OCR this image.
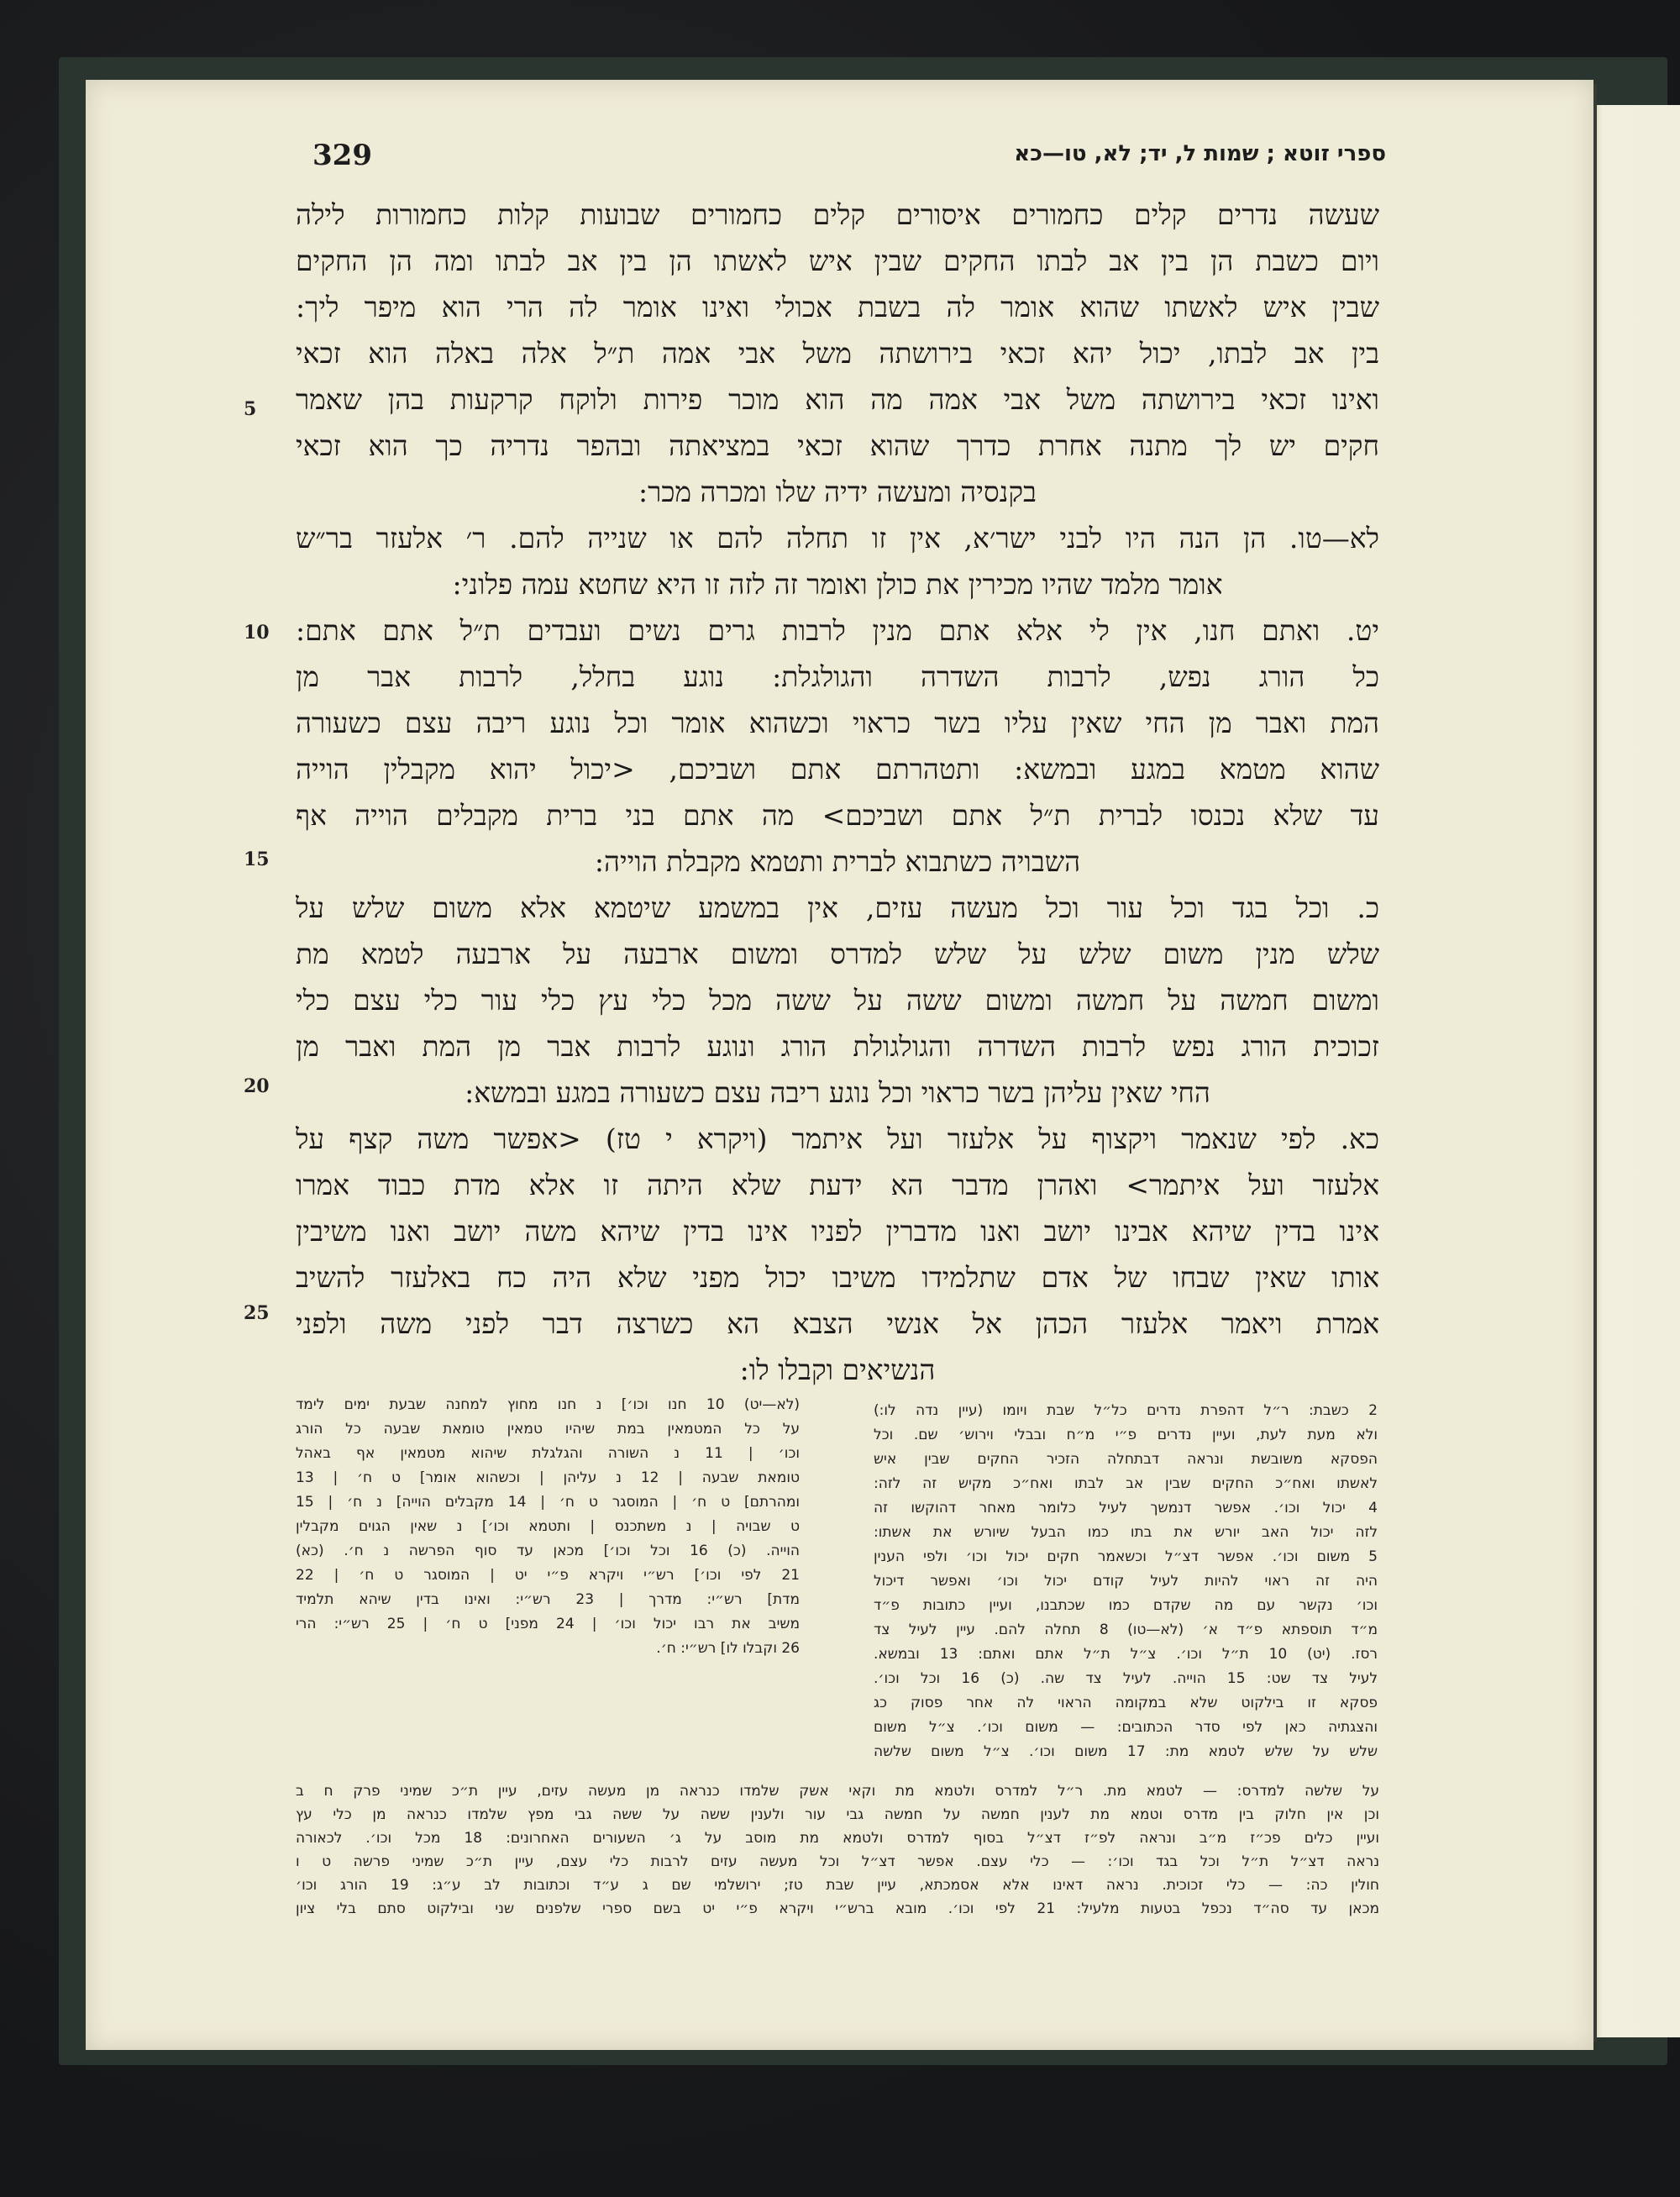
329	ספרי זוטא ; שמות ל, יד; לא, טו—כא
שעשה נדרים קלים כחמורים איסורים קלים כחמורים שבועות קלות כחמורות לילה
ויום כשבת הן בין אב לבתו החקים שבין איש לאשתו הן בין אב לבתו ומה הן החקים
שבין איש לאשתו שהוא אומר לה בשבת אכולי ואינו אומר לה הרי הוא מיפר ליך:
בין אב לבתו, יכול יהא זכאי בירושתה משל אבי אמה ת״ל אלה באלה הוא זכאי
ואינו זכאי בירושתה משל אבי אמה מה הוא מוכר פירות ולוקח קרקעות בהן שאמר
חקים יש לך מתנה אחרת כדרך שהוא זכאי במציאתה ובהפר נדריה כך הוא זכאי
בקנסיה ומעשה ידיה שלו ומכרה מכר:
לא—טו. הן הנה היו לבני ישר׳א, אין זו תחלה להם או שנייה להם. ר׳ אלעזר בר״ש
אומר מלמד שהיו מכירין את כולן ואומר זה לזה זו היא שחטא עמה פלוני:
יט. ואתם חנו, אין לי אלא אתם מנין לרבות גרים נשים ועבדים ת״ל אתם אתם:
כל הורג נפש, לרבות השדרה והגולגלת: נוגע בחלל, לרבות אבר מן
המת ואבר מן החי שאין עליו בשר כראוי וכשהוא אומר וכל נוגע ריבה עצם כשעורה
שהוא מטמא במגע ובמשא: ותטהרתם אתם ושביכם, <יכול יהוא מקבלין הוייה
עד שלא נכנסו לברית ת״ל אתם ושביכם> מה אתם בני ברית מקבלים הוייה אף
השבויה כשתבוא לברית ותטמא מקבלת הוייה:
כ. וכל בגד וכל עור וכל מעשה עזים, אין במשמע שיטמא אלא משום שלש על
שלש מנין משום שלש על שלש למדרס ומשום ארבעה על ארבעה לטמא מת
ומשום חמשה על חמשה ומשום ששה על ששה מכל כלי עץ כלי עור כלי עצם כלי
זכוכית הורג נפש לרבות השדרה והגולגולת הורג ונוגע לרבות אבר מן המת ואבר מן
החי שאין עליהן בשר כראוי וכל נוגע ריבה עצם כשעורה במגע ובמשא:
כא. לפי שנאמר ויקצוף על אלעזר ועל איתמר (ויקרא י טז) <אפשר משה קצף על
אלעזר ועל איתמר> ואהרן מדבר הא ידעת שלא היתה זו אלא מדת כבוד אמרו
אינו בדין שיהא אבינו יושב ואנו מדברין לפניו אינו בדין שיהא משה יושב ואנו משיבין
אותו שאין שבחו של אדם שתלמידו משיבו יכול מפני שלא היה כח באלעזר להשיב
אמרת ויאמר אלעזר הכהן אל אנשי הצבא הא כשרצה דבר לפני משה ולפני
הנשיאים וקבלו לו:
5
10
15
20
25
2 כשבת: ר״ל דהפרת נדרים כל״ל שבת ויומו (עיין נדה לו:)
ולא מעת לעת, ועיין נדרים פ״י מ״ח ובבלי וירוש׳ שם. וכל
הפסקא משובשת ונראה דבתחלה הזכיר החקים שבין איש
לאשתו ואח״כ החקים שבין אב לבתו ואח״כ מקיש זה לזה:
4 יכול וכו׳. אפשר דנמשך לעיל כלומר מאחר דהוקשו זה
לזה יכול האב יורש את בתו כמו הבעל שיורש את אשתו:
5 משום וכו׳. אפשר דצ״ל וכשאמר חקים יכול וכו׳ ולפי הענין
היה זה ראוי להיות לעיל קודם יכול וכו׳ ואפשר דיכול
וכו׳ נקשר עם מה שקדם כמו שכתבנו, ועיין כתובות פ״ד
מ״ד תוספתא פ״ד א׳ (לא—טו) 8 תחלה להם. עיין לעיל צד
רסז. (יט) 10 ת״ל וכו׳. צ״ל ת״ל אתם ואתם: 13 ובמשא.
לעיל צד שט: 15 הוייה. לעיל צד שה. (כ) 16 וכל וכו׳.
פסקא זו בילקוט שלא במקומה הראוי לה אחר פסוק כג
והצגתיה כאן לפי סדר הכתובים: — משום וכו׳. צ״ל משום
שלש על שלש לטמא מת: 17 משום וכו׳. צ״ל משום שלשה
(לא—יט) 10 חנו וכו׳] נ חנו מחוץ למחנה שבעת ימים לימד
על כל המטמאין במת שיהיו טמאין טומאת שבעה כל הורג
וכו׳ | 11 נ השורה והגלגלת שיהוא מטמאין אף באהל
טומאת שבעה | 12 נ עליהן | וכשהוא אומר] ט ח׳ | 13
ומהרתם] ט ח׳ | המוסגר ט ח׳ | 14 מקבלים הוייה] נ ח׳ | 15
ט שבויה | נ משתכנס | ותטמא וכו׳] נ שאין הגוים מקבלין
הוייה. (כ) 16 וכל וכו׳] מכאן עד סוף הפרשה נ ח׳. (כא)
21 לפי וכו׳] רש״י ויקרא פ״י יט | המוסגר ט ח׳ | 22
מדת] רש״י: מדרך | 23 רש״י: ואינו בדין שיהא תלמיד
משיב את רבו יכול וכו׳ | 24 מפני] ט ח׳ | 25 רש״י: הרי
26 וקבלו לו] רש״י: ח׳.
על שלשה למדרס: — לטמא מת. ר״ל למדרס ולטמא מת וקאי אשק שלמדו כנראה מן מעשה עזים, עיין ת״כ שמיני פרק ח ב
וכן אין חלוק בין מדרס וטמא מת לענין חמשה על חמשה גבי עור ולענין ששה על ששה גבי מפץ שלמדו כנראה מן כלי עץ
ועיין כלים פכ״ז מ״ב ונראה לפ״ז דצ״ל בסוף למדרס ולטמא מת מוסב על ג׳ השעורים האחרונים: 18 מכל וכו׳. לכאורה
נראה דצ״ל ת״ל וכל בגד וכו׳: — כלי עצם. אפשר דצ״ל וכל מעשה עזים לרבות כלי עצם, עיין ת״כ שמיני פרשה ט ו
חולין כה: — כלי זכוכית. נראה דאינו אלא אסמכתא, עיין שבת טז; ירושלמי שם ג ע״ד וכתובות לב ע״ג: 19 הורג וכו׳
מכאן עד סה״ד נכפל בטעות מלעיל: 21 לפי וכו׳. מובא ברש״י ויקרא פ״י יט בשם ספרי שלפנים שני ובילקוט סתם בלי ציון
